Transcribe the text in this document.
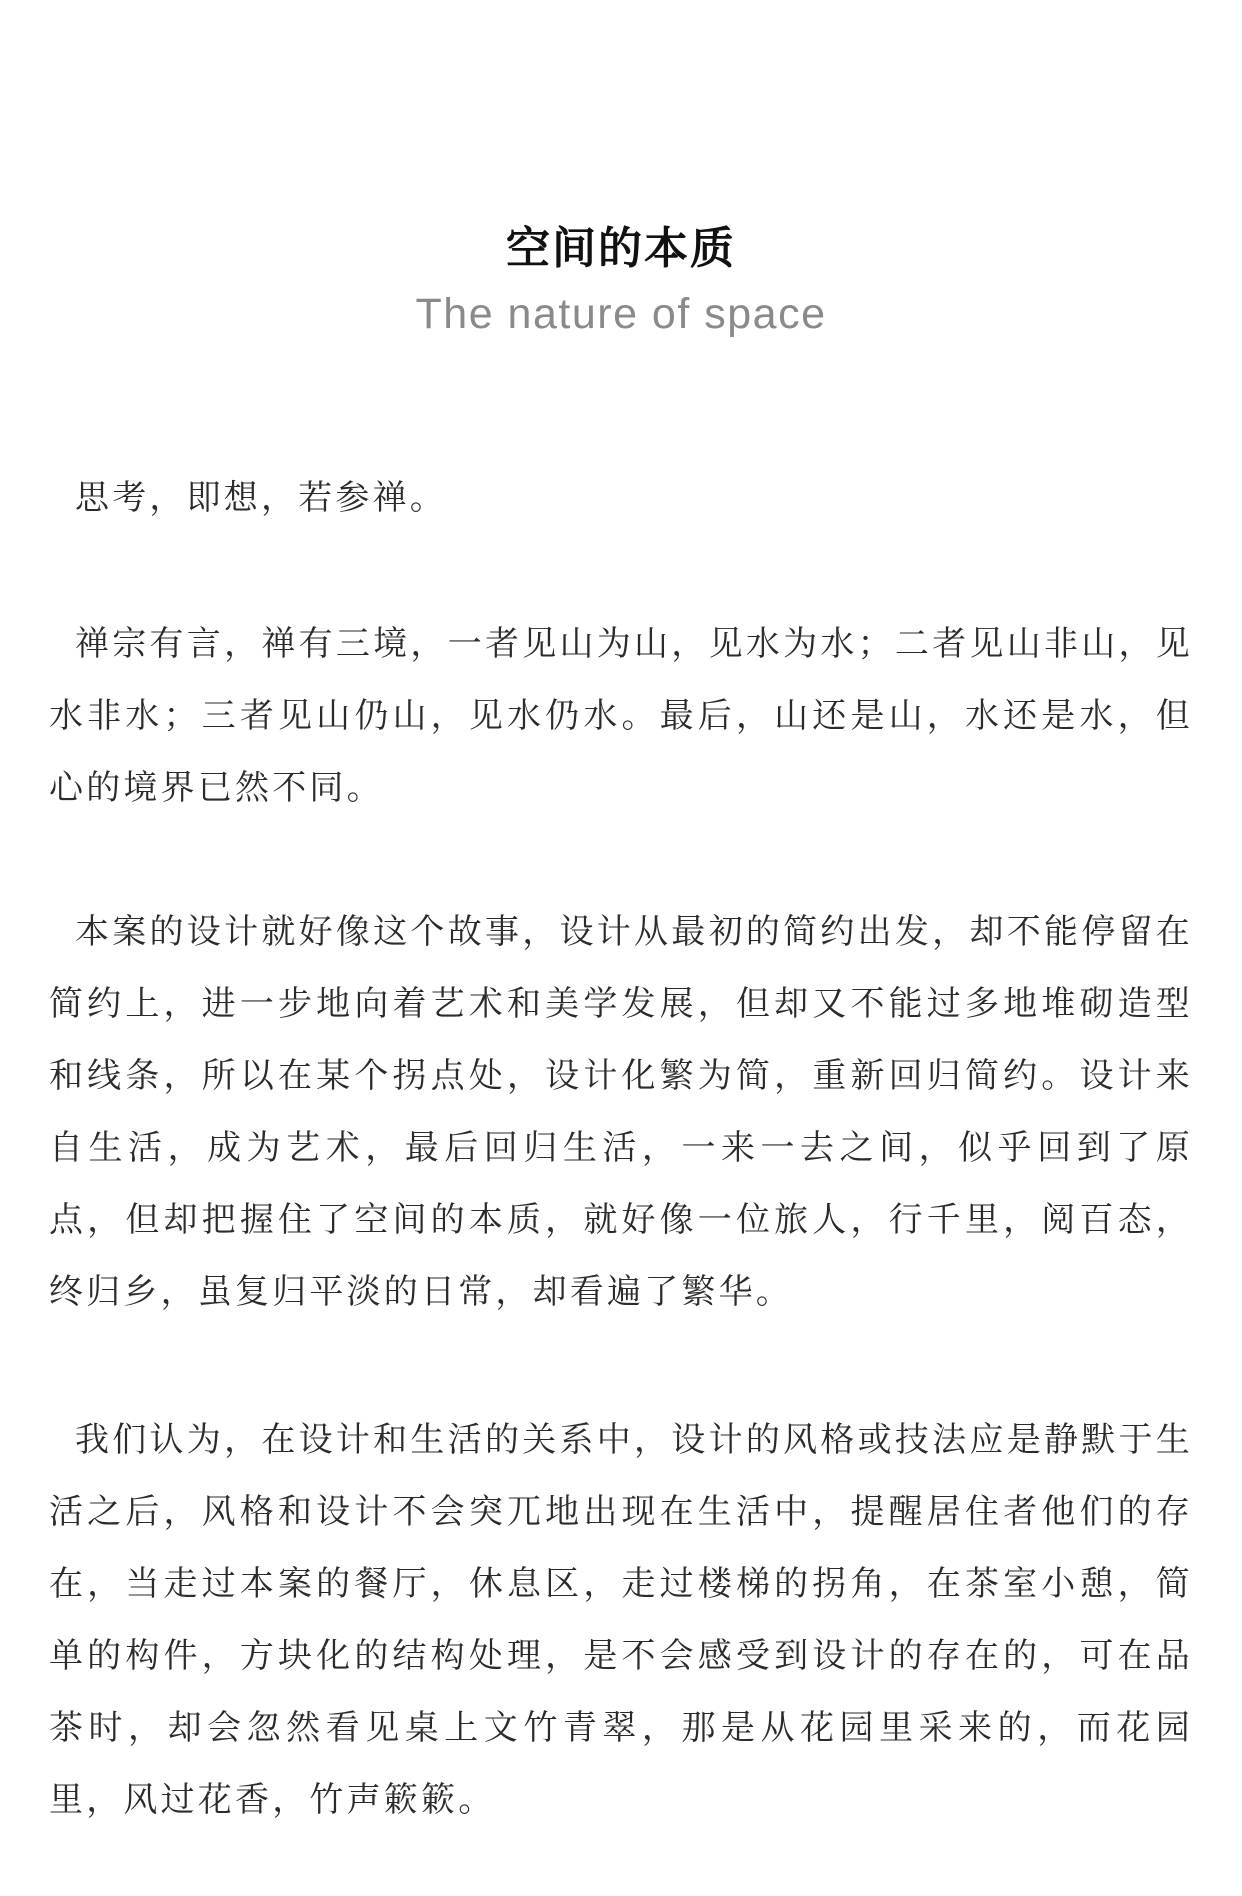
空间的本质
The nature of space

思考，即想，若参禅。

禅宗有言，禅有三境，一者见山为山，见水为水；二者见山非山，见水非水；三者见山仍山，见水仍水。最后，山还是山，水还是水，但心的境界已然不同。

本案的设计就好像这个故事，设计从最初的简约出发，却不能停留在简约上，进一步地向着艺术和美学发展，但却又不能过多地堆砌造型和线条，所以在某个拐点处，设计化繁为简，重新回归简约。设计来自生活，成为艺术，最后回归生活，一来一去之间，似乎回到了原点，但却把握住了空间的本质，就好像一位旅人，行千里，阅百态，终归乡，虽复归平淡的日常，却看遍了繁华。

我们认为，在设计和生活的关系中，设计的风格或技法应是静默于生活之后，风格和设计不会突兀地出现在生活中，提醒居住者他们的存在，当走过本案的餐厅，休息区，走过楼梯的拐角，在茶室小憩，简单的构件，方块化的结构处理，是不会感受到设计的存在的，可在品茶时，却会忽然看见桌上文竹青翠，那是从花园里采来的，而花园里，风过花香，竹声簌簌。
